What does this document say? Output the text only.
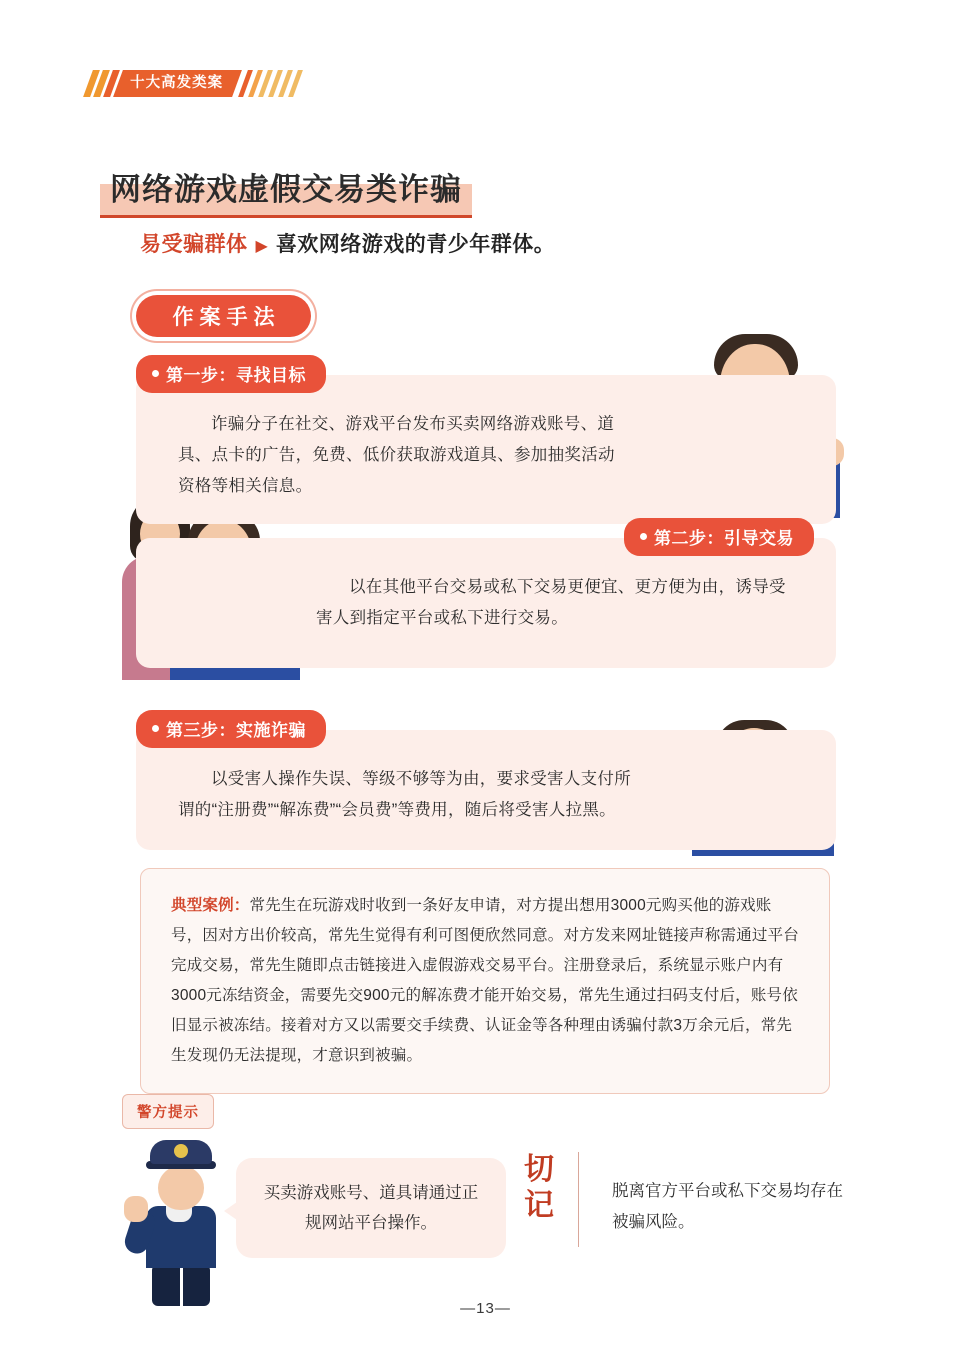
十大高发类案
网络游戏虚假交易类诈骗
易受骗群体 ▶ 喜欢网络游戏的青少年群体。
作案手法
第一步：寻找目标

诈骗分子在社交、游戏平台发布买卖网络游戏账号、道具、点卡的广告，免费、低价获取游戏道具、参加抽奖活动资格等相关信息。

第二步：引导交易

以在其他平台交易或私下交易更便宜、更方便为由，诱导受害人到指定平台或私下进行交易。

第三步：实施诈骗

以受害人操作失误、等级不够等为由，要求受害人支付所谓的“注册费”“解冻费”“会员费”等费用，随后将受害人拉黑。

典型案例：常先生在玩游戏时收到一条好友申请，对方提出想用3000元购买他的游戏账号，因对方出价较高，常先生觉得有利可图便欣然同意。对方发来网址链接声称需通过平台完成交易，常先生随即点击链接进入虚假游戏交易平台。注册登录后，系统显示账户内有3000元冻结资金，需要先交900元的解冻费才能开始交易，常先生通过扫码支付后，账号依旧显示被冻结。接着对方又以需要交手续费、认证金等各种理由诱骗付款3万余元后，常先生发现仍无法提现，才意识到被骗。

警方提示
买卖游戏账号、道具请通过正规网站平台操作。
切记	脱离官方平台或私下交易均存在被骗风险。
—13—
